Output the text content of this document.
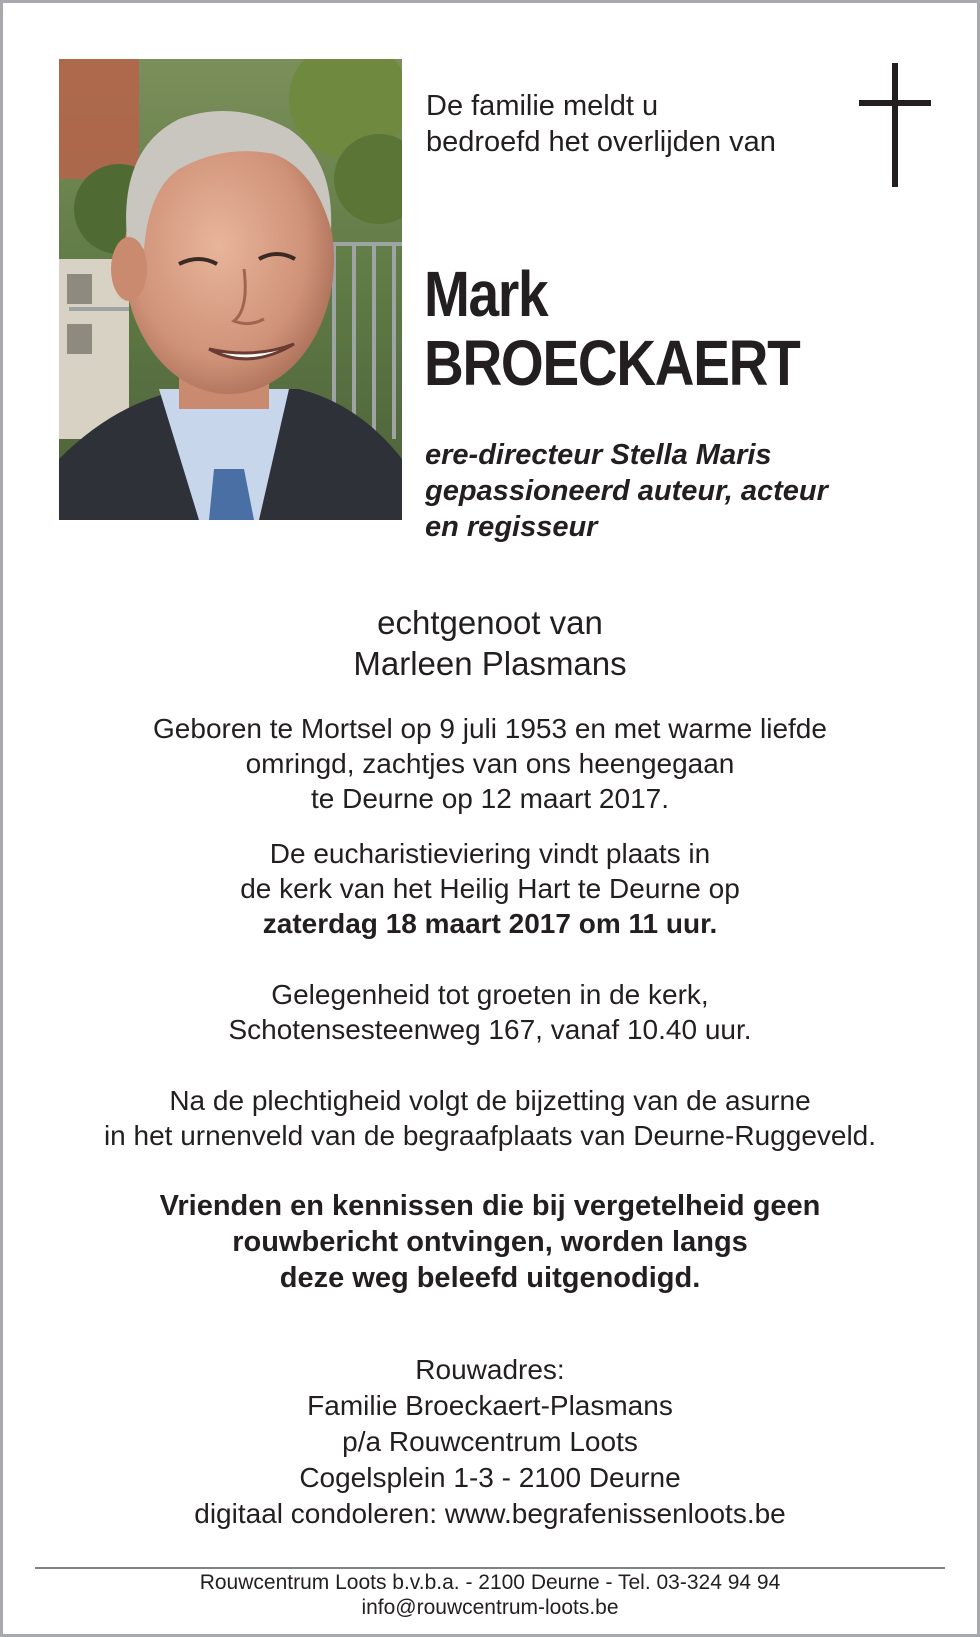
De familie meldt u
bedroefd het overlijden van
Mark
BROECKAERT
ere-directeur Stella Maris
gepassioneerd auteur, acteur
en regisseur
echtgenoot van
Marleen Plasmans
Geboren te Mortsel op 9 juli 1953 en met warme liefde
omringd, zachtjes van ons heengegaan
te Deurne op 12 maart 2017.
De eucharistieviering vindt plaats in
de kerk van het Heilig Hart te Deurne op
zaterdag 18 maart 2017 om 11 uur.
Gelegenheid tot groeten in de kerk,
Schotensesteenweg 167, vanaf 10.40 uur.
Na de plechtigheid volgt de bijzetting van de asurne
in het urnenveld van de begraafplaats van Deurne-Ruggeveld.
Vrienden en kennissen die bij vergetelheid geen
rouwbericht ontvingen, worden langs
deze weg beleefd uitgenodigd.
Rouwadres:
Familie Broeckaert-Plasmans
p/a Rouwcentrum Loots
Cogelsplein 1-3 - 2100 Deurne
digitaal condoleren: www.begrafenissenloots.be
Rouwcentrum Loots b.v.b.a. - 2100 Deurne - Tel. 03-324 94 94
info@rouwcentrum-loots.be
